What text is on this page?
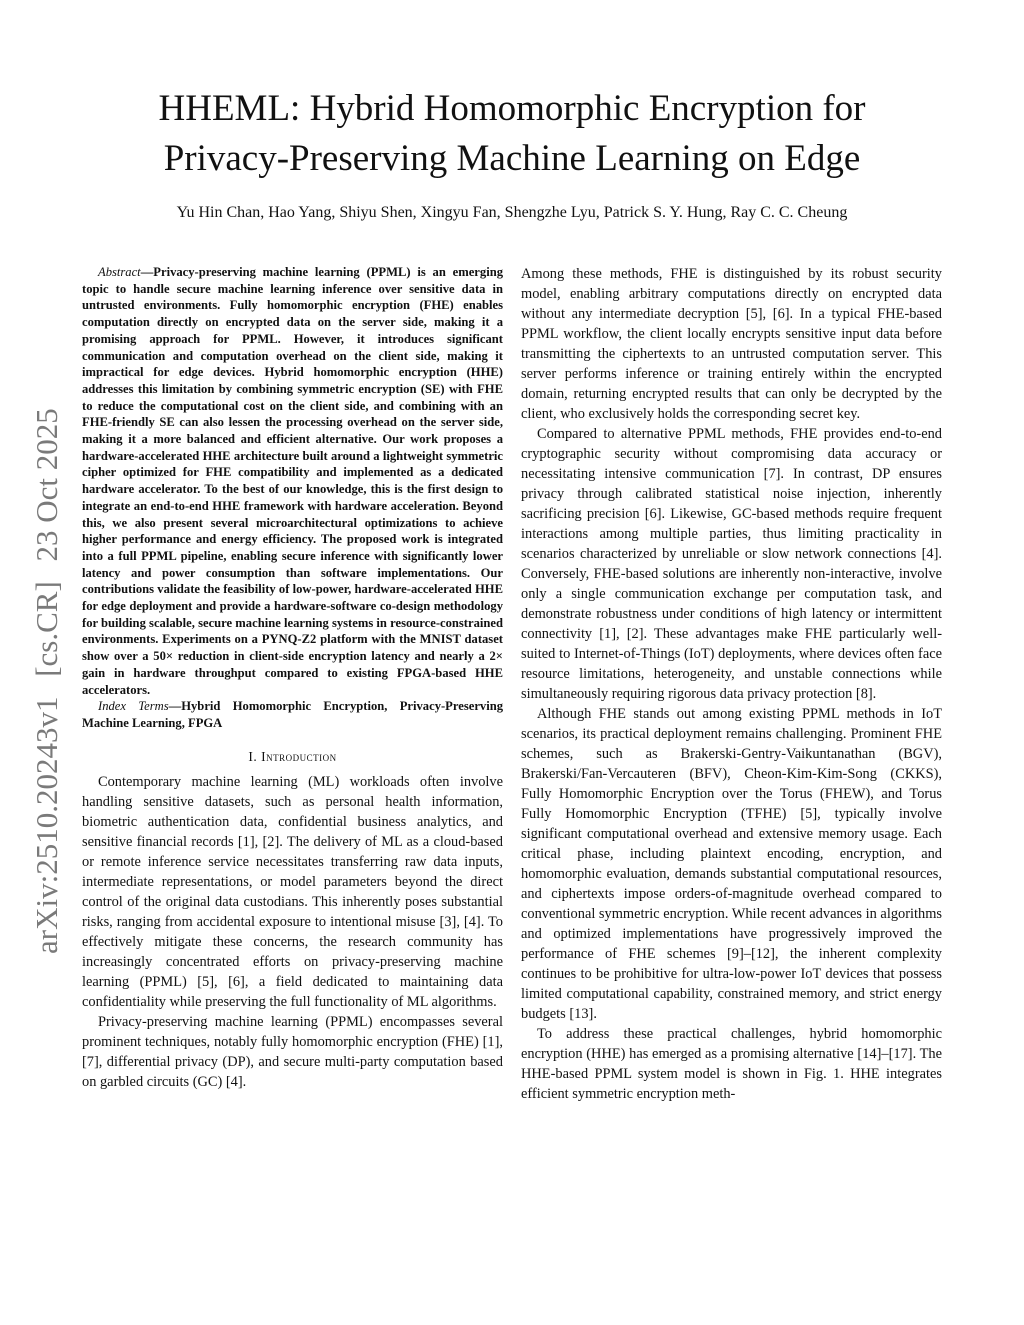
arXiv:2510.20243v1 [cs.CR] 23 Oct 2025
HHEML: Hybrid Homomorphic Encryption for
Privacy-Preserving Machine Learning on Edge
Yu Hin Chan, Hao Yang, Shiyu Shen, Xingyu Fan, Shengzhe Lyu, Patrick S. Y. Hung, Ray C. C. Cheung

Abstract—Privacy-preserving machine learning (PPML) is an emerging topic to handle secure machine learning inference over sensitive data in untrusted environments. Fully homomorphic encryption (FHE) enables computation directly on encrypted data on the server side, making it a promising approach for PPML. However, it introduces significant communication and computation overhead on the client side, making it impractical for edge devices. Hybrid homomorphic encryption (HHE) addresses this limitation by combining symmetric encryption (SE) with FHE to reduce the computational cost on the client side, and combining with an FHE-friendly SE can also lessen the processing overhead on the server side, making it a more balanced and efficient alternative. Our work proposes a hardware-accelerated HHE architecture built around a lightweight symmetric cipher optimized for FHE compatibility and implemented as a dedicated hardware accelerator. To the best of our knowledge, this is the first design to integrate an end-to-end HHE framework with hardware acceleration. Beyond this, we also present several microarchitectural optimizations to achieve higher performance and energy efficiency. The proposed work is integrated into a full PPML pipeline, enabling secure inference with significantly lower latency and power consumption than software implementations. Our contributions validate the feasibility of low-power, hardware-accelerated HHE for edge deployment and provide a hardware-software co-design methodology for building scalable, secure machine learning systems in resource-constrained environments. Experiments on a PYNQ-Z2 platform with the MNIST dataset show over a 50× reduction in client-side encryption latency and nearly a 2× gain in hardware throughput compared to existing FPGA-based HHE accelerators.

Index Terms—Hybrid Homomorphic Encryption, Privacy-Preserving Machine Learning, FPGA

I. Introduction

Contemporary machine learning (ML) workloads often involve handling sensitive datasets, such as personal health information, biometric authentication data, confidential business analytics, and sensitive financial records [1], [2]. The delivery of ML as a cloud-based or remote inference service necessitates transferring raw data inputs, intermediate representations, or model parameters beyond the direct control of the original data custodians. This inherently poses substantial risks, ranging from accidental exposure to intentional misuse [3], [4]. To effectively mitigate these concerns, the research community has increasingly concentrated efforts on privacy-preserving machine learning (PPML) [5], [6], a field dedicated to maintaining data confidentiality while preserving the full functionality of ML algorithms.

Privacy-preserving machine learning (PPML) encompasses several prominent techniques, notably fully homomorphic encryption (FHE) [1], [7], differential privacy (DP), and secure multi-party computation based on garbled circuits (GC) [4].

Among these methods, FHE is distinguished by its robust security model, enabling arbitrary computations directly on encrypted data without any intermediate decryption [5], [6]. In a typical FHE-based PPML workflow, the client locally encrypts sensitive input data before transmitting the ciphertexts to an untrusted computation server. This server performs inference or training entirely within the encrypted domain, returning encrypted results that can only be decrypted by the client, who exclusively holds the corresponding secret key.

Compared to alternative PPML methods, FHE provides end-to-end cryptographic security without compromising data accuracy or necessitating intensive communication [7]. In contrast, DP ensures privacy through calibrated statistical noise injection, inherently sacrificing precision [6]. Likewise, GC-based methods require frequent interactions among multiple parties, thus limiting practicality in scenarios characterized by unreliable or slow network connections [4]. Conversely, FHE-based solutions are inherently non-interactive, involve only a single communication exchange per computation task, and demonstrate robustness under conditions of high latency or intermittent connectivity [1], [2]. These advantages make FHE particularly well-suited to Internet-of-Things (IoT) deployments, where devices often face resource limitations, heterogeneity, and unstable connections while simultaneously requiring rigorous data privacy protection [8].

Although FHE stands out among existing PPML methods in IoT scenarios, its practical deployment remains challenging. Prominent FHE schemes, such as Brakerski-Gentry-Vaikuntanathan (BGV), Brakerski/Fan-Vercauteren (BFV), Cheon-Kim-Kim-Song (CKKS), Fully Homomorphic Encryption over the Torus (FHEW), and Torus Fully Homomorphic Encryption (TFHE) [5], typically involve significant computational overhead and extensive memory usage. Each critical phase, including plaintext encoding, encryption, and homomorphic evaluation, demands substantial computational resources, and ciphertexts impose orders-of-magnitude overhead compared to conventional symmetric encryption. While recent advances in algorithms and optimized implementations have progressively improved the performance of FHE schemes [9]–[12], the inherent complexity continues to be prohibitive for ultra-low-power IoT devices that possess limited computational capability, constrained memory, and strict energy budgets [13].

To address these practical challenges, hybrid homomorphic encryption (HHE) has emerged as a promising alternative [14]–[17]. The HHE-based PPML system model is shown in Fig. 1. HHE integrates efficient symmetric encryption meth-
